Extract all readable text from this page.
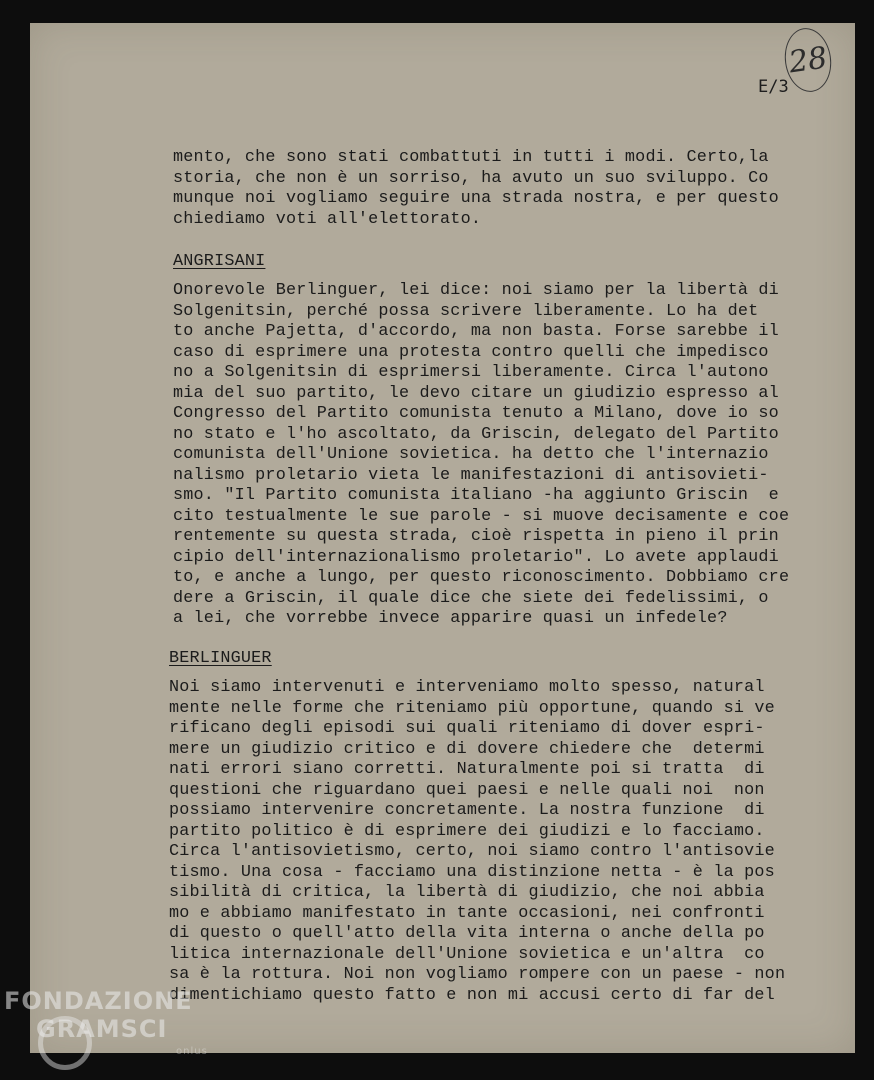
28
E/3
mento, che sono stati combattuti in tutti i modi. Certo,la
storia, che non è un sorriso, ha avuto un suo sviluppo. Co
munque noi vogliamo seguire una strada nostra, e per questo
chiediamo voti all'elettorato.
ANGRISANI
Onorevole Berlinguer, lei dice: noi siamo per la libertà di
Solgenitsin, perché possa scrivere liberamente. Lo ha det
to anche Pajetta, d'accordo, ma non basta. Forse sarebbe il
caso di esprimere una protesta contro quelli che impedisco
no a Solgenitsin di esprimersi liberamente. Circa l'autono
mia del suo partito, le devo citare un giudizio espresso al
Congresso del Partito comunista tenuto a Milano, dove io so
no stato e l'ho ascoltato, da Griscin, delegato del Partito
comunista dell'Unione sovietica. ha detto che l'internazio
nalismo proletario vieta le manifestazioni di antisovieti-
smo. "Il Partito comunista italiano -ha aggiunto Griscin  e
cito testualmente le sue parole - si muove decisamente e coe
rentemente su questa strada, cioè rispetta in pieno il prin
cipio dell'internazionalismo proletario". Lo avete applaudi
to, e anche a lungo, per questo riconoscimento. Dobbiamo cre
dere a Griscin, il quale dice che siete dei fedelissimi, o
a lei, che vorrebbe invece apparire quasi un infedele?
BERLINGUER
Noi siamo intervenuti e interveniamo molto spesso, natural
mente nelle forme che riteniamo più opportune, quando si ve
rificano degli episodi sui quali riteniamo di dover espri-
mere un giudizio critico e di dovere chiedere che  determi
nati errori siano corretti. Naturalmente poi si tratta  di
questioni che riguardano quei paesi e nelle quali noi  non
possiamo intervenire concretamente. La nostra funzione  di
partito politico è di esprimere dei giudizi e lo facciamo.
Circa l'antisovietismo, certo, noi siamo contro l'antisovie
tismo. Una cosa - facciamo una distinzione netta - è la pos
sibilità di critica, la libertà di giudizio, che noi abbia
mo e abbiamo manifestato in tante occasioni, nei confronti
di questo o quell'atto della vita interna o anche della po
litica internazionale dell'Unione sovietica e un'altra  co
sa è la rottura. Noi non vogliamo rompere con un paese - non
dimentichiamo questo fatto e non mi accusi certo di far del
FONDAZIONE
GRAMSCI
onlus
